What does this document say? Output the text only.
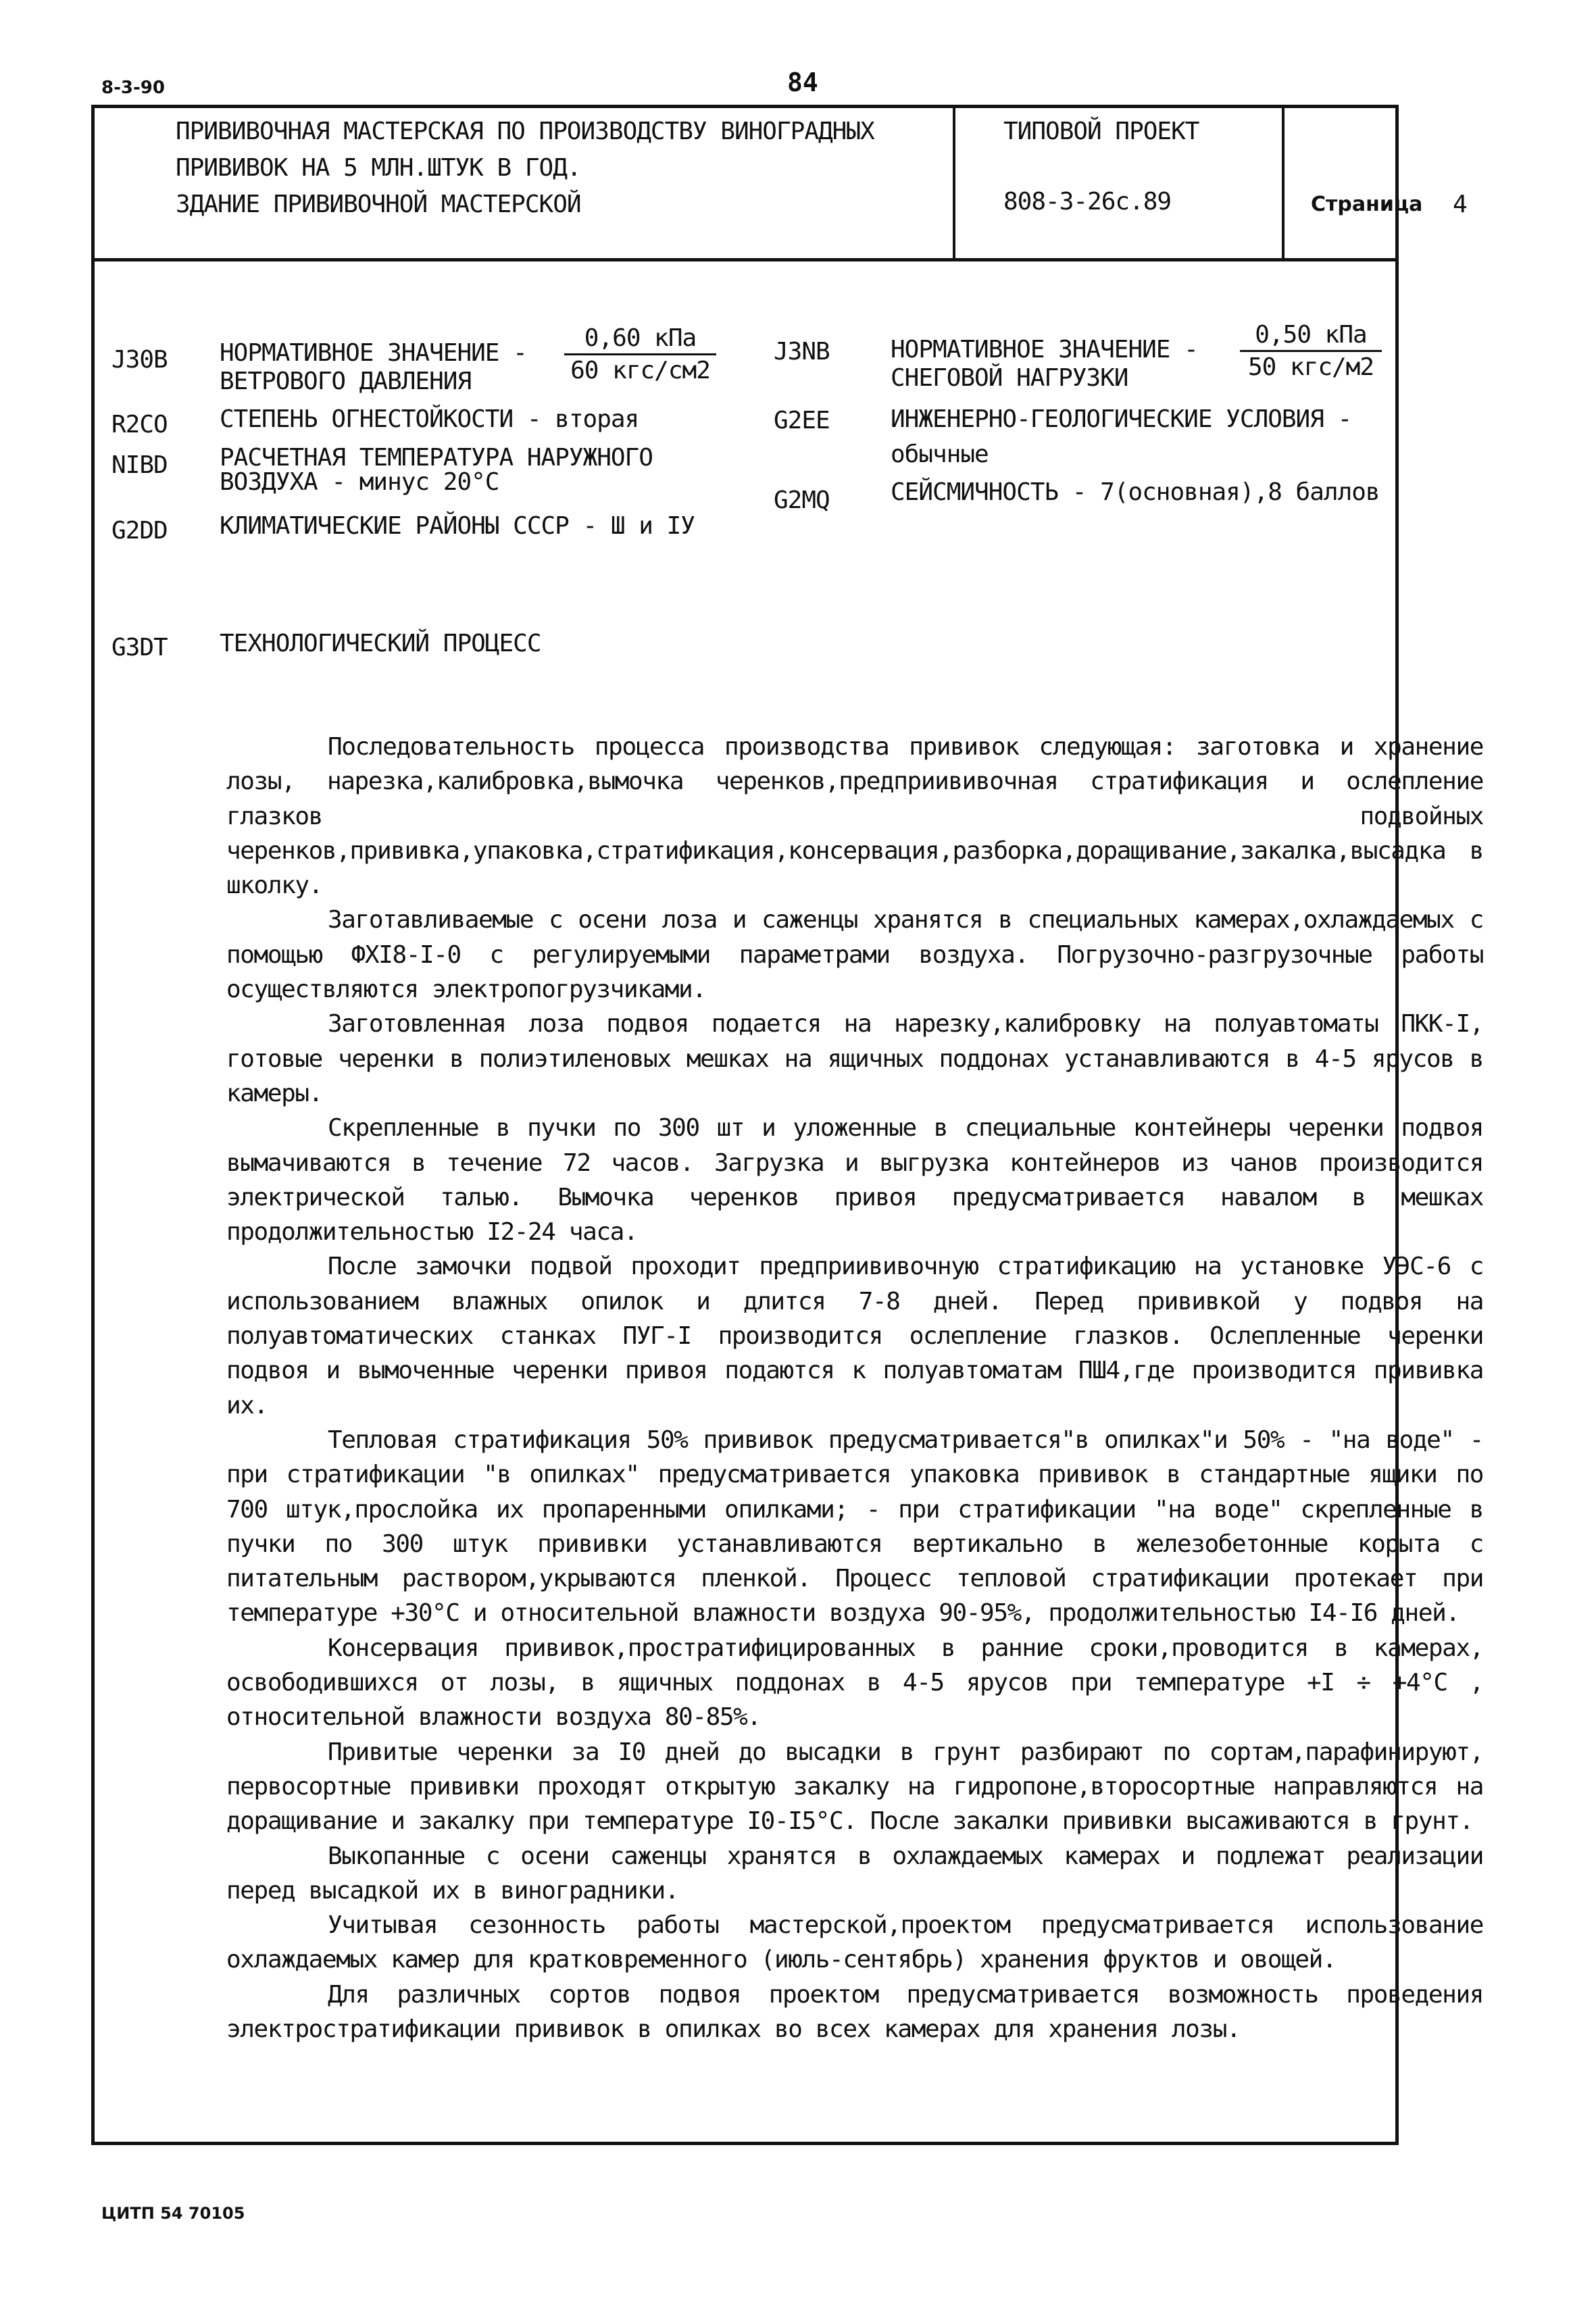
8-3-90	84
ПРИВИВОЧНАЯ МАСТЕРСКАЯ ПО ПРОИЗВОДСТВУ ВИНОГРАДНЫХ
ПРИВИВОК НА 5 МЛН.ШТУК В ГОД.
ЗДАНИЕ ПРИВИВОЧНОЙ МАСТЕРСКОЙ
ТИПОВОЙ ПРОЕКТ
808-3-26с.89	Страница 4
J30B НОРМАТИВНОЕ ЗНАЧЕНИЕ -
ВЕТРОВОГО ДАВЛЕНИЯ
0,60 кПа
60 кгс/см2
R2CO СТЕПЕНЬ ОГНЕСТОЙКОСТИ - вторая
NIBD РАСЧЕТНАЯ ТЕМПЕРАТУРА НАРУЖНОГО
ВОЗДУХА - минус 20°С
G2DD КЛИМАТИЧЕСКИЕ РАЙОНЫ СССР - Ш и IУ
J3NB	НОРМАТИВНОЕ ЗНАЧЕНИЕ -
СНЕГОВОЙ НАГРУЗКИ
0,50 кПа
50 кгс/м2
G2EE	ИНЖЕНЕРНО-ГЕОЛОГИЧЕСКИЕ УСЛОВИЯ -
обычные
G2MQ	СЕЙСМИЧНОСТЬ - 7(основная),8 баллов
G3DT ТЕХНОЛОГИЧЕСКИЙ ПРОЦЕСС

Последовательность процесса производства прививок следующая: заготовка и хранение лозы, нарезка,калибровка,вымочка черенков,предприививочная стратификация и ослепление глазков подвойных черенков,прививка,упаковка,стратификация,консервация,разборка,доращивание,закалка,высадка в школку.

Заготавливаемые с осени лоза и саженцы хранятся в специальных камерах,охлаждаемых с помощью ФХI8-I-0 с регулируемыми параметрами воздуха. Погрузочно-разгрузочные работы осуществляются электропогрузчиками.

Заготовленная лоза подвоя подается на нарезку,калибровку на полуавтоматы ПКК-I, готовые черенки в полиэтиленовых мешках на ящичных поддонах устанавливаются в 4-5 ярусов в камеры.

Скрепленные в пучки по 300 шт и уложенные в специальные контейнеры черенки подвоя вымачиваются в течение 72 часов. Загрузка и выгрузка контейнеров из чанов производится электрической талью. Вымочка черенков привоя предусматривается навалом в мешках продолжительностью I2-24 часа.

После замочки подвой проходит предприививочную стратификацию на установке УЭС-6 с использованием влажных опилок и длится 7-8 дней. Перед прививкой у подвоя на полуавтоматических станках ПУГ-I производится ослепление глазков. Ослепленные черенки подвоя и вымоченные черенки привоя подаются к полуавтоматам ПШ4,где производится прививка их.

Тепловая стратификация 50% прививок предусматривается"в опилках"и 50% - "на воде" - при стратификации "в опилках" предусматривается упаковка прививок в стандартные ящики по 700 штук,прослойка их пропаренными опилками; - при стратификации "на воде" скрепленные в пучки по 300 штук прививки устанавливаются вертикально в железобетонные корыта с питательным раствором,укрываются пленкой. Процесс тепловой стратификации протекает при температуре +30°С и относительной влажности воздуха 90-95%, продолжительностью I4-I6 дней.

Консервация прививок,простратифицированных в ранние сроки,проводится в камерах, освободившихся от лозы, в ящичных поддонах в 4-5 ярусов при температуре +I ÷ +4°С , относительной влажности воздуха 80-85%.

Привитые черенки за I0 дней до высадки в грунт разбирают по сортам,парафинируют, первосортные прививки проходят открытую закалку на гидропоне,второсортные направляются на доращивание и закалку при температуре I0-I5°С. После закалки прививки высаживаются в грунт.

Выкопанные с осени саженцы хранятся в охлаждаемых камерах и подлежат реализации перед высадкой их в виноградники.

Учитывая сезонность работы мастерской,проектом предусматривается использование охлаждаемых камер для кратковременного (июль-сентябрь) хранения фруктов и овощей.

Для различных сортов подвоя проектом предусматривается возможность проведения электростратификации прививок в опилках во всех камерах для хранения лозы.

ЦИТП 54 70105
